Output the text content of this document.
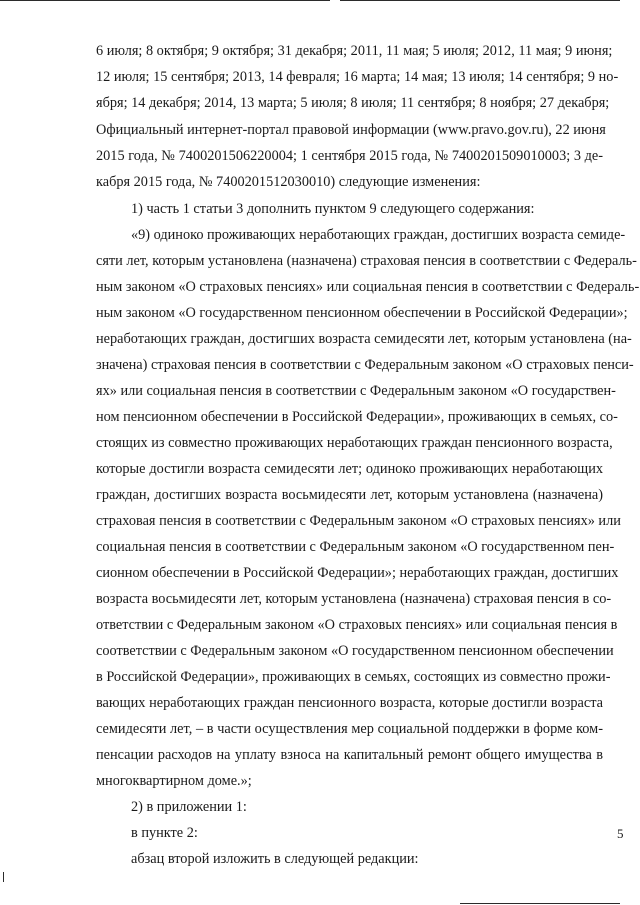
6 июля; 8 октября; 9 октября; 31 декабря; 2011, 11 мая; 5 июля; 2012, 11 мая; 9 июня;
12 июля; 15 сентября; 2013, 14 февраля; 16 марта; 14 мая; 13 июля; 14 сентября; 9 но-
ября; 14 декабря; 2014, 13 марта; 5 июля; 8 июля; 11 сентября; 8 ноября; 27 декабря;
Официальный интернет-портал правовой информации (www.pravo.gov.ru), 22 июня
2015 года, № 7400201506220004; 1 сентября 2015 года, № 7400201509010003; 3 де-
кабря 2015 года, № 7400201512030010) следующие изменения:
1) часть 1 статьи 3 дополнить пунктом 9 следующего содержания:
«9) одиноко проживающих неработающих граждан, достигших возраста семиде-
сяти лет, которым установлена (назначена) страховая пенсия в соответствии с Федераль-
ным законом «О страховых пенсиях» или социальная пенсия в соответствии с Федераль-
ным законом «О государственном пенсионном обеспечении в Российской Федерации»;
неработающих граждан, достигших возраста семидесяти лет, которым установлена (на-
значена) страховая пенсия в соответствии с Федеральным законом «О страховых пенси-
ях» или социальная пенсия в соответствии с Федеральным законом «О государствен-
ном пенсионном обеспечении в Российской Федерации», проживающих в семьях, со-
стоящих из совместно проживающих неработающих граждан пенсионного возраста,
которые достигли возраста семидесяти лет; одиноко проживающих неработающих
граждан, достигших возраста восьмидесяти лет, которым установлена (назначена)
страховая пенсия в соответствии с Федеральным законом «О страховых пенсиях» или
социальная пенсия в соответствии с Федеральным законом «О государственном пен-
сионном обеспечении в Российской Федерации»; неработающих граждан, достигших
возраста восьмидесяти лет, которым установлена (назначена) страховая пенсия в со-
ответствии с Федеральным законом «О страховых пенсиях» или социальная пенсия в
соответствии с Федеральным законом «О государственном пенсионном обеспечении
в Российской Федерации», проживающих в семьях, состоящих из совместно прожи-
вающих неработающих граждан пенсионного возраста, которые достигли возраста
семидесяти лет, – в части осуществления мер социальной поддержки в форме ком-
пенсации расходов на уплату взноса на капитальный ремонт общего имущества в
многоквартирном доме.»;
2) в приложении 1:
в пункте 2:
абзац второй изложить в следующей редакции:
5
